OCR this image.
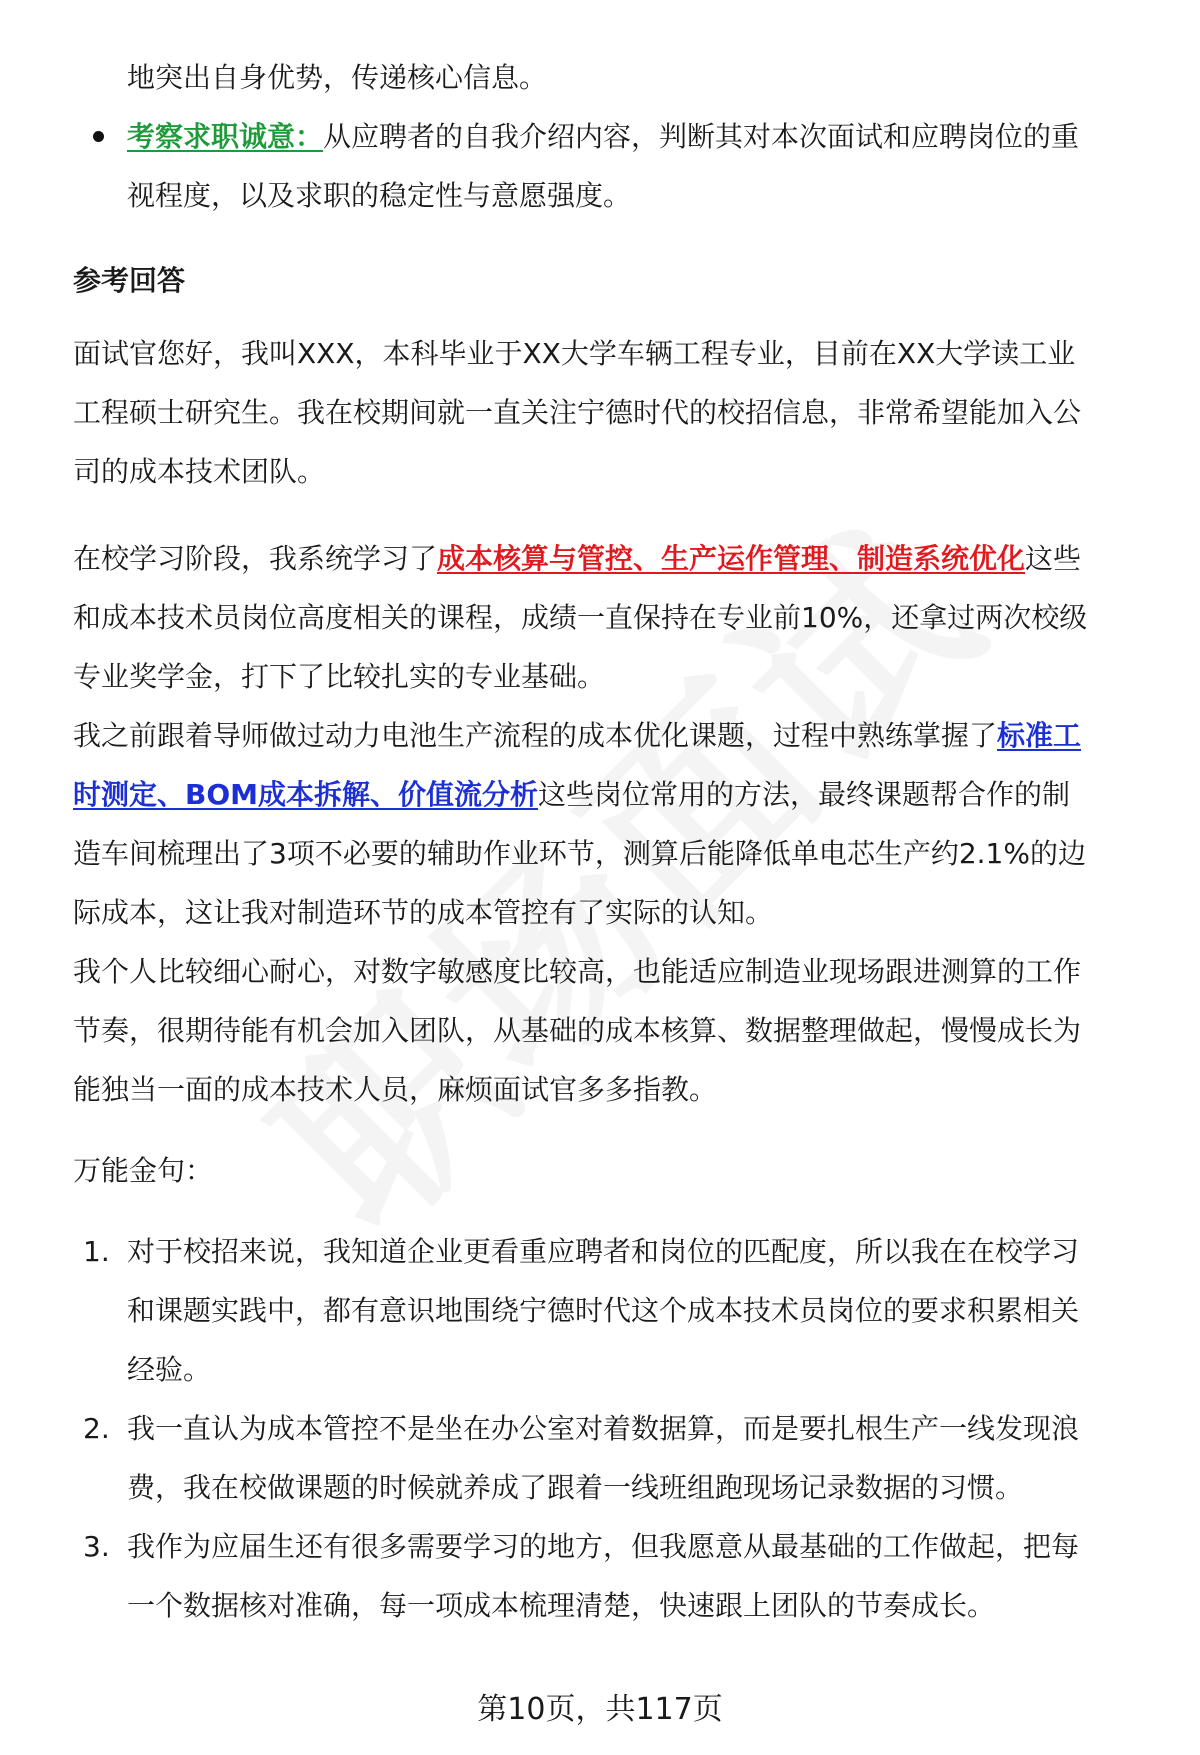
地突出自身优势，传递核心信息。
考察求职诚意：从应聘者的自我介绍内容，判断其对本次面试和应聘岗位的重
视程度，以及求职的稳定性与意愿强度。
参考回答
面试官您好，我叫XXX，本科毕业于XX大学车辆工程专业，目前在XX大学读工业
工程硕士研究生。我在校期间就一直关注宁德时代的校招信息，非常希望能加入公
司的成本技术团队。
在校学习阶段，我系统学习了成本核算与管控、生产运作管理、制造系统优化这些
和成本技术员岗位高度相关的课程，成绩一直保持在专业前10%，还拿过两次校级
专业奖学金，打下了比较扎实的专业基础。
我之前跟着导师做过动力电池生产流程的成本优化课题，过程中熟练掌握了标准工
时测定、BOM成本拆解、价值流分析这些岗位常用的方法，最终课题帮合作的制
造车间梳理出了3项不必要的辅助作业环节，测算后能降低单电芯生产约2.1%的边
际成本，这让我对制造环节的成本管控有了实际的认知。
我个人比较细心耐心，对数字敏感度比较高，也能适应制造业现场跟进测算的工作
节奏，很期待能有机会加入团队，从基础的成本核算、数据整理做起，慢慢成长为
能独当一面的成本技术人员，麻烦面试官多多指教。
万能金句：
1. 对于校招来说，我知道企业更看重应聘者和岗位的匹配度，所以我在在校学习
和课题实践中，都有意识地围绕宁德时代这个成本技术员岗位的要求积累相关
经验。
2. 我一直认为成本管控不是坐在办公室对着数据算，而是要扎根生产一线发现浪
费，我在校做课题的时候就养成了跟着一线班组跑现场记录数据的习惯。
3. 我作为应届生还有很多需要学习的地方，但我愿意从最基础的工作做起，把每
一个数据核对准确，每一项成本梳理清楚，快速跟上团队的节奏成长。
第10页，共117页
